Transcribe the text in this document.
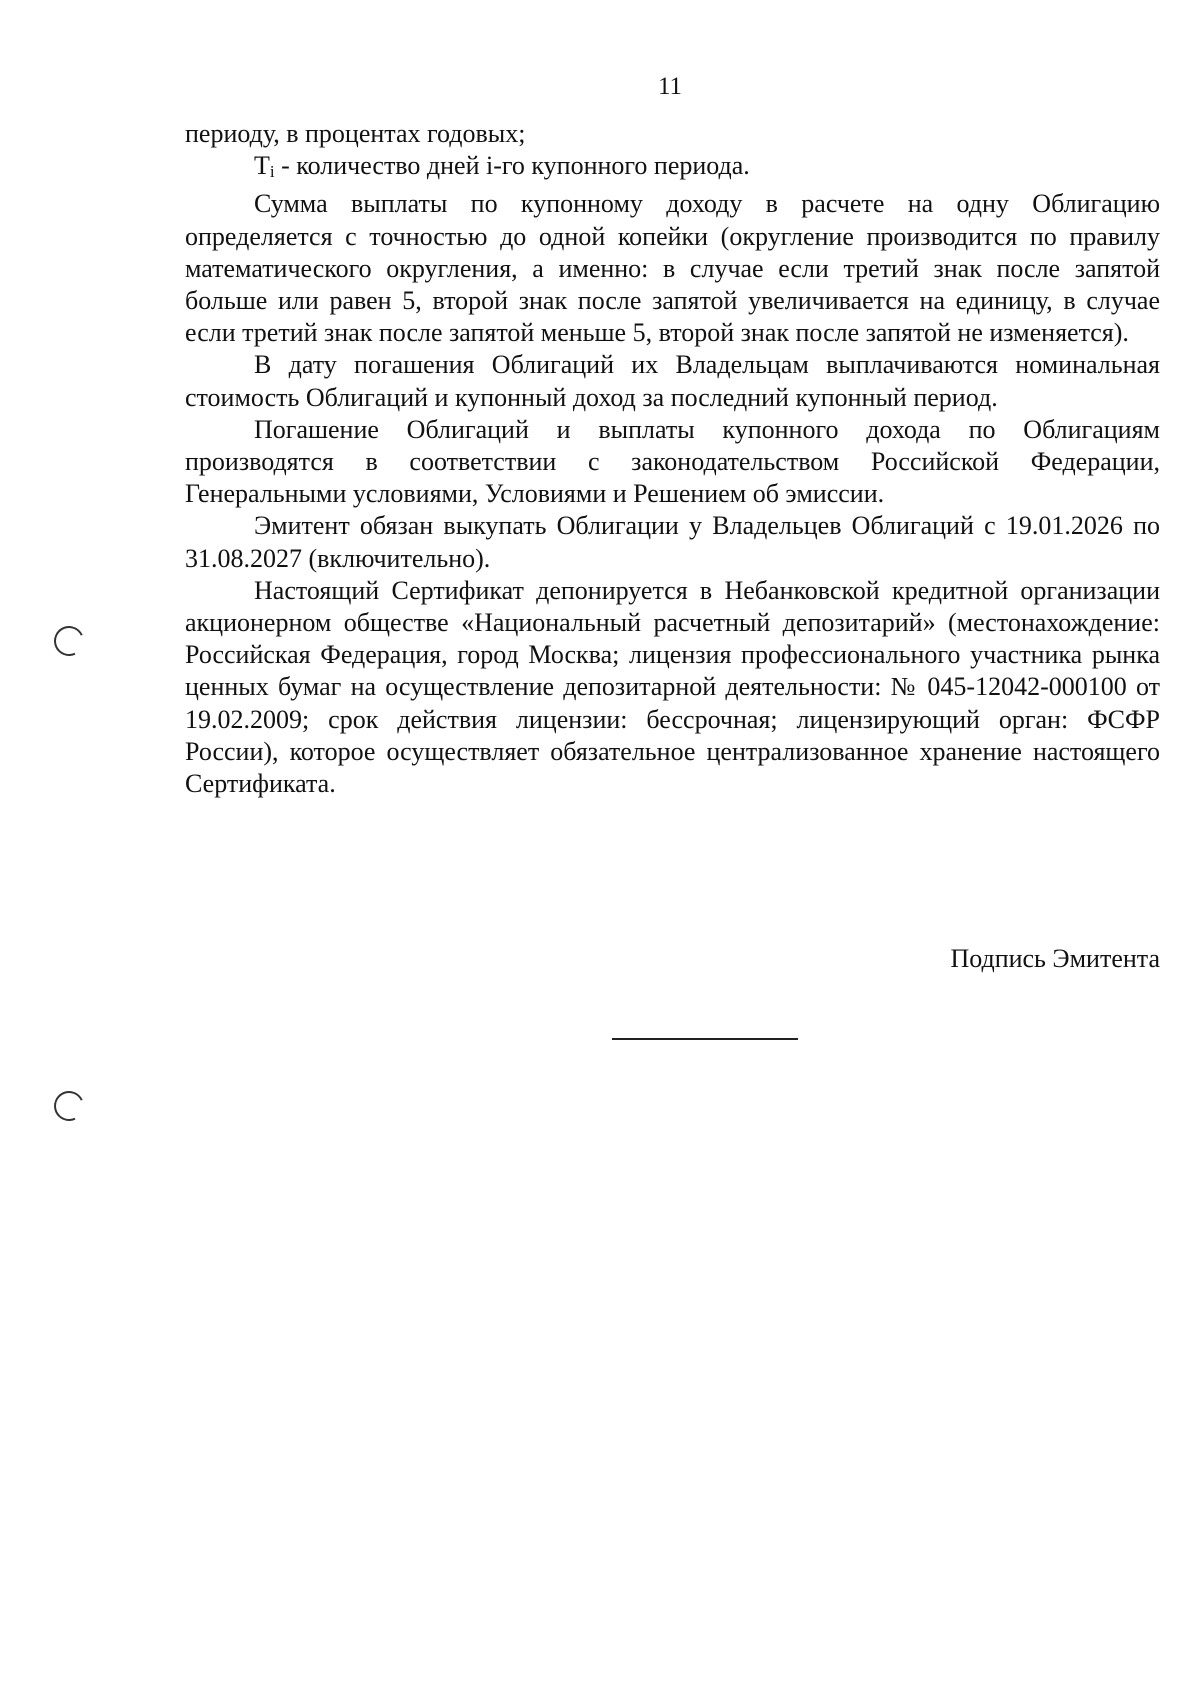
11

периоду, в процентах годовых;

$T_i$ - количество дней i-го купонного периода.

Сумма выплаты по купонному доходу в расчете на одну Облигацию определяется с точностью до одной копейки (округление производится по правилу математического округления, а именно: в случае если третий знак после запятой больше или равен 5, второй знак после запятой увеличивается на единицу, в случае если третий знак после запятой меньше 5, второй знак после запятой не изменяется).

В дату погашения Облигаций их Владельцам выплачиваются номинальная стоимость Облигаций и купонный доход за последний купонный период.

Погашение Облигаций и выплаты купонного дохода по Облигациям производятся в соответствии с законодательством Российской Федерации, Генеральными условиями, Условиями и Решением об эмиссии.

Эмитент обязан выкупать Облигации у Владельцев Облигаций с 19.01.2026 по 31.08.2027 (включительно).

Настоящий Сертификат депонируется в Небанковской кредитной организации акционерном обществе «Национальный расчетный депозитарий» (местонахождение: Российская Федерация, город Москва; лицензия профессионального участника рынка ценных бумаг на осуществление депозитарной деятельности: № 045-12042-000100 от 19.02.2009; срок действия лицензии: бессрочная; лицензирующий орган: ФСФР России), которое осуществляет обязательное централизованное хранение настоящего Сертификата.

Подпись Эмитента
